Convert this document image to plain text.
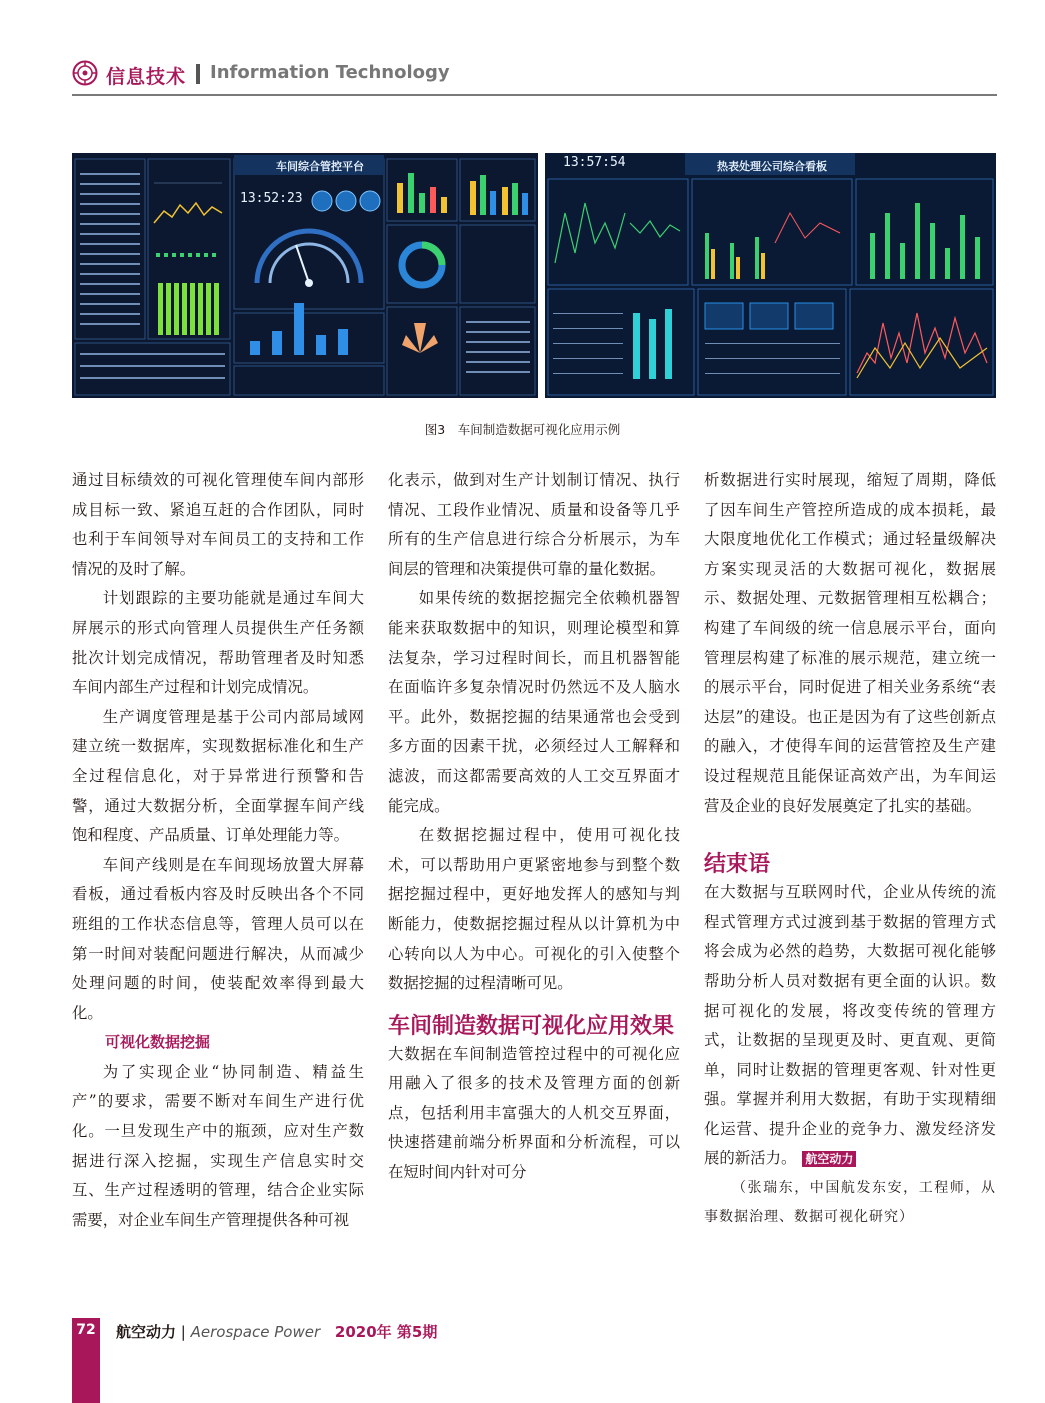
信息技术 Information Technology
车间综合管控平台
13:52:23
热表处理公司综合看板
13:57:54
图3　车间制造数据可视化应用示例

通过目标绩效的可视化管理使车间内部形成目标一致、紧追互赶的合作团队，同时也利于车间领导对车间员工的支持和工作情况的及时了解。

计划跟踪的主要功能就是通过车间大屏展示的形式向管理人员提供生产任务额批次计划完成情况，帮助管理者及时知悉车间内部生产过程和计划完成情况。

生产调度管理是基于公司内部局域网建立统一数据库，实现数据标准化和生产全过程信息化，对于异常进行预警和告警，通过大数据分析，全面掌握车间产线饱和程度、产品质量、订单处理能力等。

车间产线则是在车间现场放置大屏幕看板，通过看板内容及时反映出各个不同班组的工作状态信息等，管理人员可以在第一时间对装配问题进行解决，从而减少处理问题的时间，使装配效率得到最大化。

可视化数据挖掘

为了实现企业“协同制造、精益生产”的要求，需要不断对车间生产进行优化。一旦发现生产中的瓶颈，应对生产数据进行深入挖掘，实现生产信息实时交互、生产过程透明的管理，结合企业实际需要，对企业车间生产管理提供各种可视

化表示，做到对生产计划制订情况、执行情况、工段作业情况、质量和设备等几乎所有的生产信息进行综合分析展示，为车间层的管理和决策提供可靠的量化数据。

如果传统的数据挖掘完全依赖机器智能来获取数据中的知识，则理论模型和算法复杂，学习过程时间长，而且机器智能在面临许多复杂情况时仍然远不及人脑水平。此外，数据挖掘的结果通常也会受到多方面的因素干扰，必须经过人工解释和滤波，而这都需要高效的人工交互界面才能完成。

在数据挖掘过程中，使用可视化技术，可以帮助用户更紧密地参与到整个数据挖掘过程中，更好地发挥人的感知与判断能力，使数据挖掘过程从以计算机为中心转向以人为中心。可视化的引入使整个数据挖掘的过程清晰可见。

车间制造数据可视化应用效果

大数据在车间制造管控过程中的可视化应用融入了很多的技术及管理方面的创新点，包括利用丰富强大的人机交互界面，快速搭建前端分析界面和分析流程，可以在短时间内针对可分

析数据进行实时展现，缩短了周期，降低了因车间生产管控所造成的成本损耗，最大限度地优化工作模式；通过轻量级解决方案实现灵活的大数据可视化，数据展示、数据处理、元数据管理相互松耦合；构建了车间级的统一信息展示平台，面向管理层构建了标准的展示规范，建立统一的展示平台，同时促进了相关业务系统“表达层”的建设。也正是因为有了这些创新点的融入，才使得车间的运营管控及生产建设过程规范且能保证高效产出，为车间运营及企业的良好发展奠定了扎实的基础。

结束语

在大数据与互联网时代，企业从传统的流程式管理方式过渡到基于数据的管理方式将会成为必然的趋势，大数据可视化能够帮助分析人员对数据有更全面的认识。数据可视化的发展，将改变传统的管理方式，让数据的呈现更及时、更直观、更简单，同时让数据的管理更客观、针对性更强。掌握并利用大数据，有助于实现精细化运营、提升企业的竞争力、激发经济发展的新活力。 航空动力

（张瑞东，中国航发东安，工程师，从事数据治理、数据可视化研究）

72 航空动力 | Aerospace Power 2020年 第5期
